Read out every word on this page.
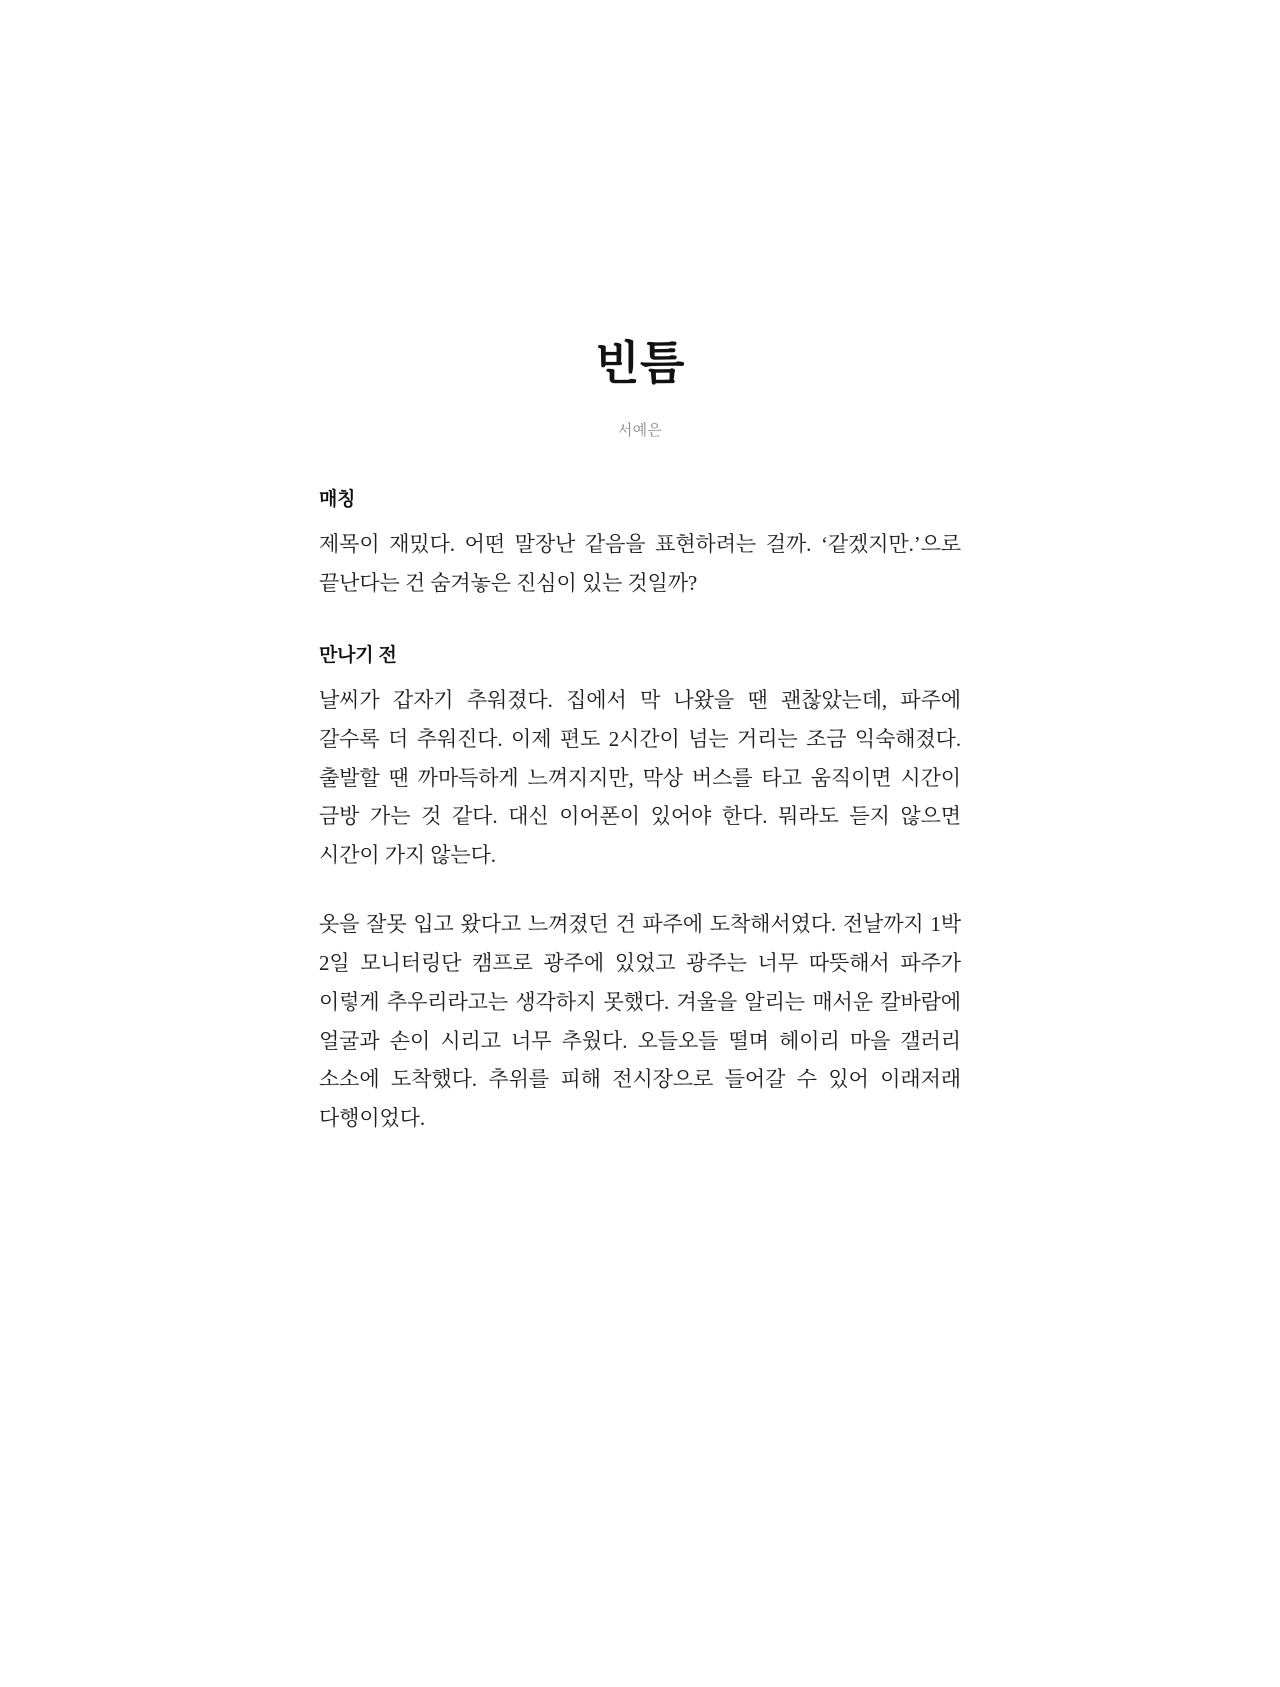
빈틈
서예은
매칭

제목이 재밌다. 어떤 말장난 같음을 표현하려는 걸까. ‘같겠지만.’으로 끝난다는 건 숨겨놓은 진심이 있는 것일까?

만나기 전

날씨가 갑자기 추워졌다. 집에서 막 나왔을 땐 괜찮았는데, 파주에 갈수록 더 추워진다. 이제 편도 2시간이 넘는 거리는 조금 익숙해졌다. 출발할 땐 까마득하게 느껴지지만, 막상 버스를 타고 움직이면 시간이 금방 가는 것 같다. 대신 이어폰이 있어야 한다. 뭐라도 듣지 않으면 시간이 가지 않는다.

옷을 잘못 입고 왔다고 느껴졌던 건 파주에 도착해서였다. 전날까지 1박 2일 모니터링단 캠프로 광주에 있었고 광주는 너무 따뜻해서 파주가 이렇게 추우리라고는 생각하지 못했다. 겨울을 알리는 매서운 칼바람에 얼굴과 손이 시리고 너무 추웠다. 오들오들 떨며 헤이리 마을 갤러리 소소에 도착했다. 추위를 피해 전시장으로 들어갈 수 있어 이래저래 다행이었다.
